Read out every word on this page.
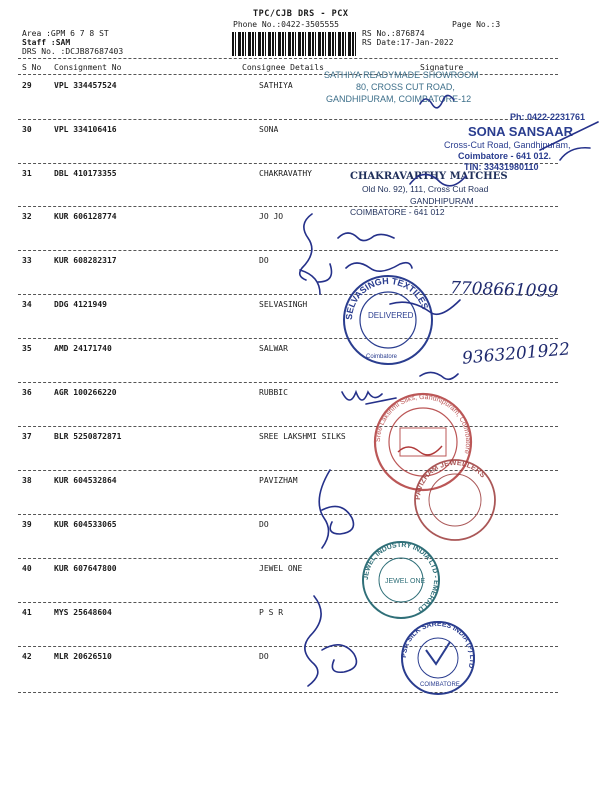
TPC/CJB DRS - PCX
Phone No.:0422-3505555	Page No.:3
Area :GPM 6 7 8 ST
Staff :SAM
DRS No. :DCJB87687403
RS No.:876874
RS Date:17-Jan-2022
S No Consignment No	Consignee Details	Signature
29	VPL 334457524	SATHIYA
30	VPL 334106416	SONA
31	DBL 410173355	CHAKRAVATHY
32	KUR 606128774	JO JO
33	KUR 608282317	DO
34	DDG 4121949	SELVASINGH
35	AMD 24171740	SALWAR
36	AGR 100266220	RUBBIC
37	BLR 5250872871	SREE LAKSHMI SILKS
38	KUR 604532864	PAVIZHAM
39	KUR 604533065	DO
40	KUR 607647800	JEWEL ONE
41	MYS 25648604	P S R
42	MLR 20626510	DO
SATHIYA READYMADE SHOWROOM
80, CROSS CUT ROAD,
GANDHIPURAM, COIMBATORE-12
Ph: 0422-2231761
SONA SANSAAR
Cross-Cut Road, Gandhipuram,
Coimbatore - 641 012.
TIN: 33431980110
CHAKRAVARTHY MATCHES
Old No. 92), 111, Cross Cut Road
GANDHIPURAM
COIMBATORE - 641 012
7708661099
9363201922
SELVASINGH TEXTILES
DELIVERED
Coimbatore
Sree Lakshmi Silks, Gandhipuram, Coimbatore
PAVIZHAM JEWELLERS
JEWEL INDUSTRY INDIA LTD - EMERALD
JEWEL ONE
PSR SILK SAREES INDIA (P) LTD
COIMBATORE
